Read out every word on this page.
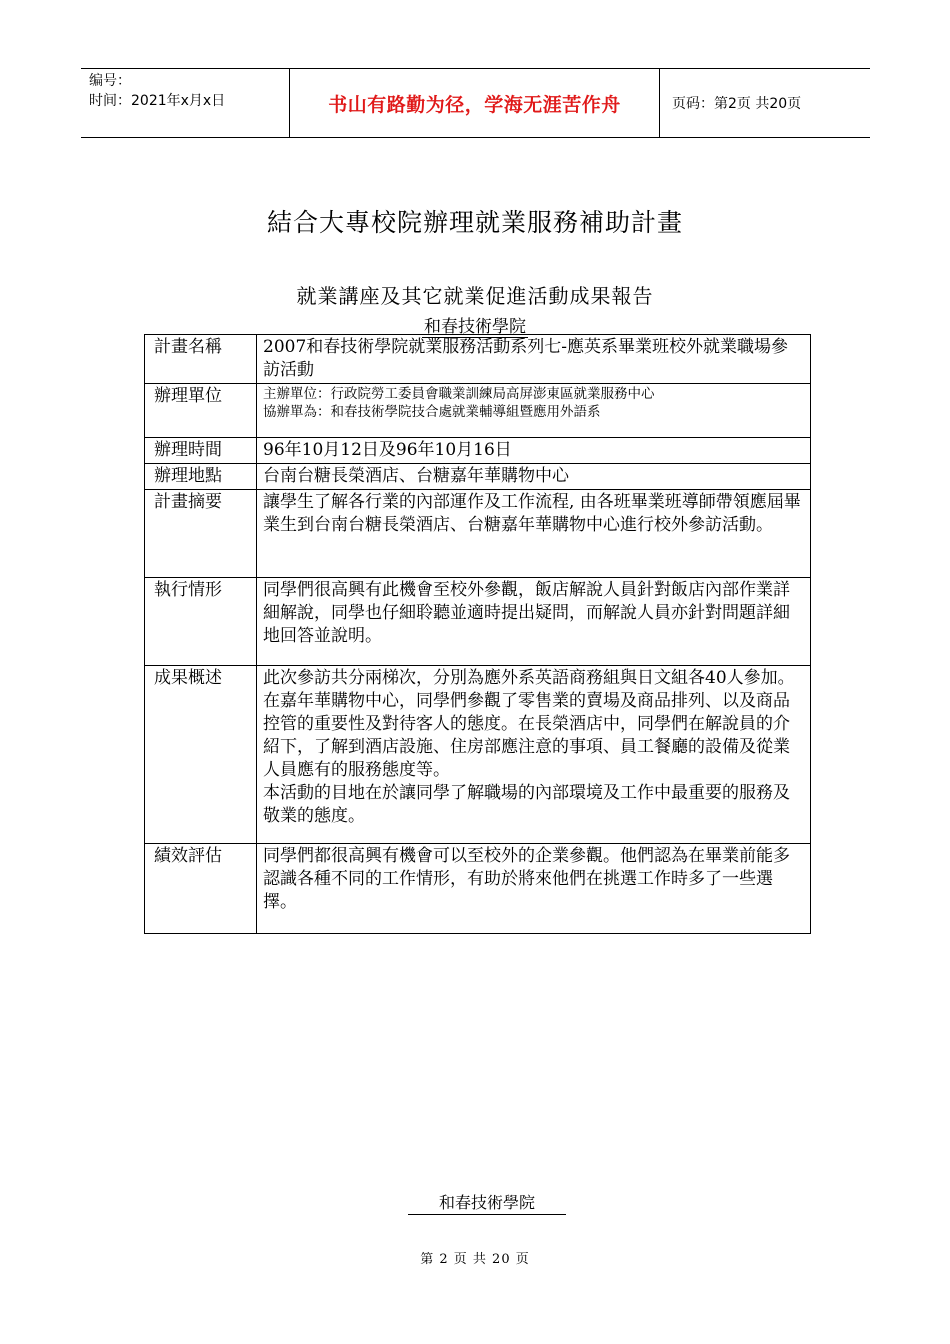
编号：
时间：2021年x月x日	书山有路勤为径，学海无涯苦作舟	页码：第2页 共20页
結合大專校院辦理就業服務補助計畫
就業講座及其它就業促進活動成果報告
和春技術學院
計畫名稱	2007和春技術學院就業服務活動系列七-應英系畢業班校外就業職場參訪活動
辦理單位	主辦單位：行政院勞工委員會職業訓練局高屏澎東區就業服務中心
協辦單為：和春技術學院技合處就業輔導組暨應用外語系

辦理時間	96年10月12日及96年10月16日
辦理地點	台南台糖長榮酒店、台糖嘉年華購物中心
計畫摘要	讓學生了解各行業的內部運作及工作流程, 由各班畢業班導師帶領應屆畢業生到台南台糖長榮酒店、台糖嘉年華購物中心進行校外參訪活動。
執行情形	同學們很高興有此機會至校外參觀，飯店解說人員針對飯店內部作業詳細解說，同學也仔細聆聽並適時提出疑問，而解說人員亦針對問題詳細地回答並說明。
成果概述	此次參訪共分兩梯次，分別為應外系英語商務組與日文組各40人參加。在嘉年華購物中心，同學們參觀了零售業的賣場及商品排列、以及商品控管的重要性及對待客人的態度。在長榮酒店中，同學們在解說員的介紹下，了解到酒店設施、住房部應注意的事項、員工餐廳的設備及從業人員應有的服務態度等。
本活動的目地在於讓同學了解職場的內部環境及工作中最重要的服務及敬業的態度。

績效評估	同學們都很高興有機會可以至校外的企業參觀。他們認為在畢業前能多認識各種不同的工作情形，有助於將來他們在挑選工作時多了一些選擇。
和春技術學院
第 2 页 共 20 页
